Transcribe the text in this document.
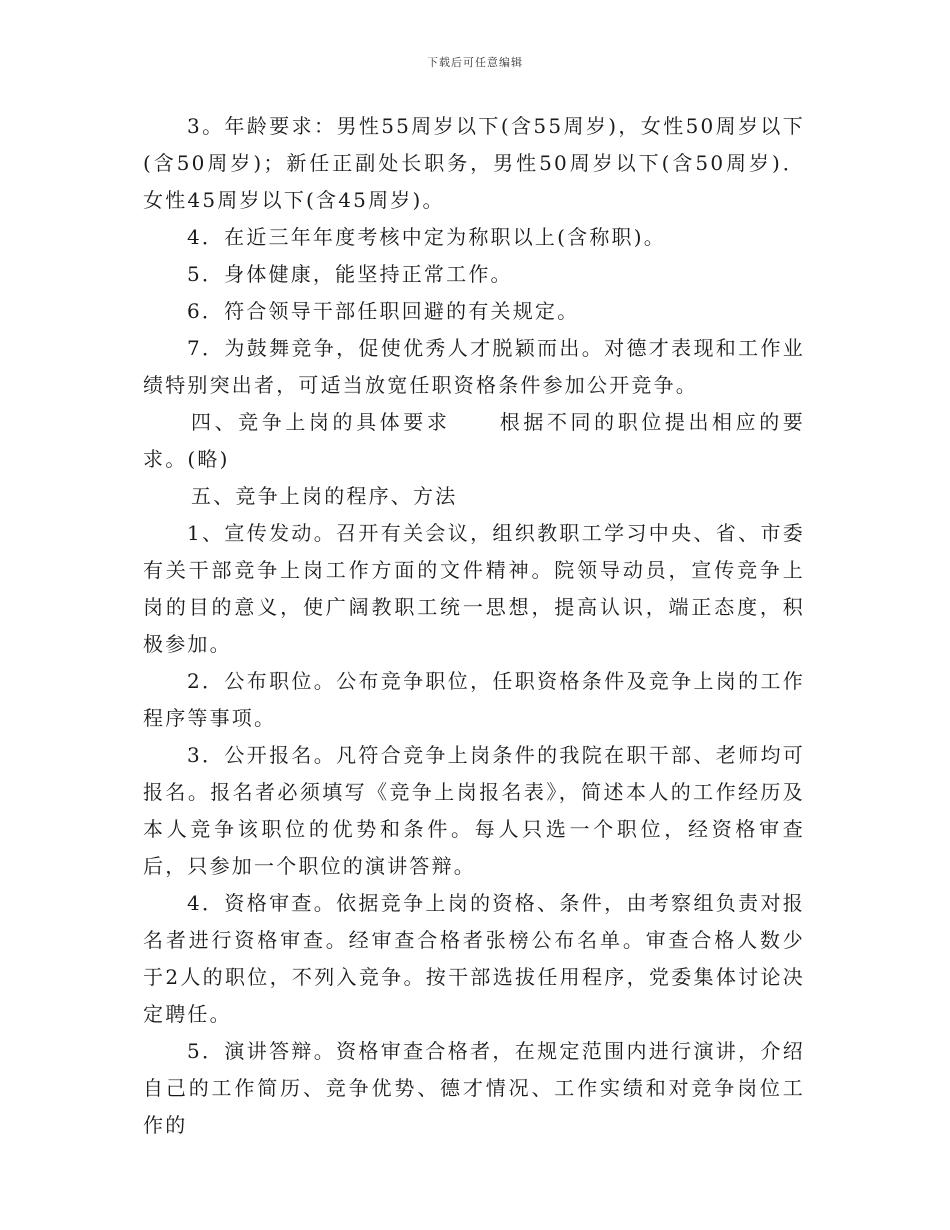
下载后可任意编辑

3。年龄要求：男性55周岁以下(含55周岁)，女性50周岁以下(含50周岁)；新任正副处长职务，男性50周岁以下(含50周岁)．女性45周岁以下(含45周岁)。

4．在近三年年度考核中定为称职以上(含称职)。

5．身体健康，能坚持正常工作。

6．符合领导干部任职回避的有关规定。

7．为鼓舞竞争，促使优秀人才脱颖而出。对德才表现和工作业绩特别突出者，可适当放宽任职资格条件参加公开竞争。

四、竞争上岗的具体要求 根据不同的职位提出相应的要求。(略)

五、竞争上岗的程序、方法

1、宣传发动。召开有关会议，组织教职工学习中央、省、市委有关干部竞争上岗工作方面的文件精神。院领导动员，宣传竞争上岗的目的意义，使广阔教职工统一思想，提高认识，端正态度，积极参加。

2．公布职位。公布竞争职位，任职资格条件及竞争上岗的工作程序等事项。

3．公开报名。凡符合竞争上岗条件的我院在职干部、老师均可报名。报名者必须填写《竞争上岗报名表》，简述本人的工作经历及本人竞争该职位的优势和条件。每人只选一个职位，经资格审查后，只参加一个职位的演讲答辩。

4．资格审查。依据竞争上岗的资格、条件，由考察组负责对报名者进行资格审查。经审查合格者张榜公布名单。审查合格人数少于2人的职位，不列入竞争。按干部选拔任用程序，党委集体讨论决定聘任。

5．演讲答辩。资格审查合格者，在规定范围内进行演讲，介绍自己的工作简历、竞争优势、德才情况、工作实绩和对竞争岗位工作的
